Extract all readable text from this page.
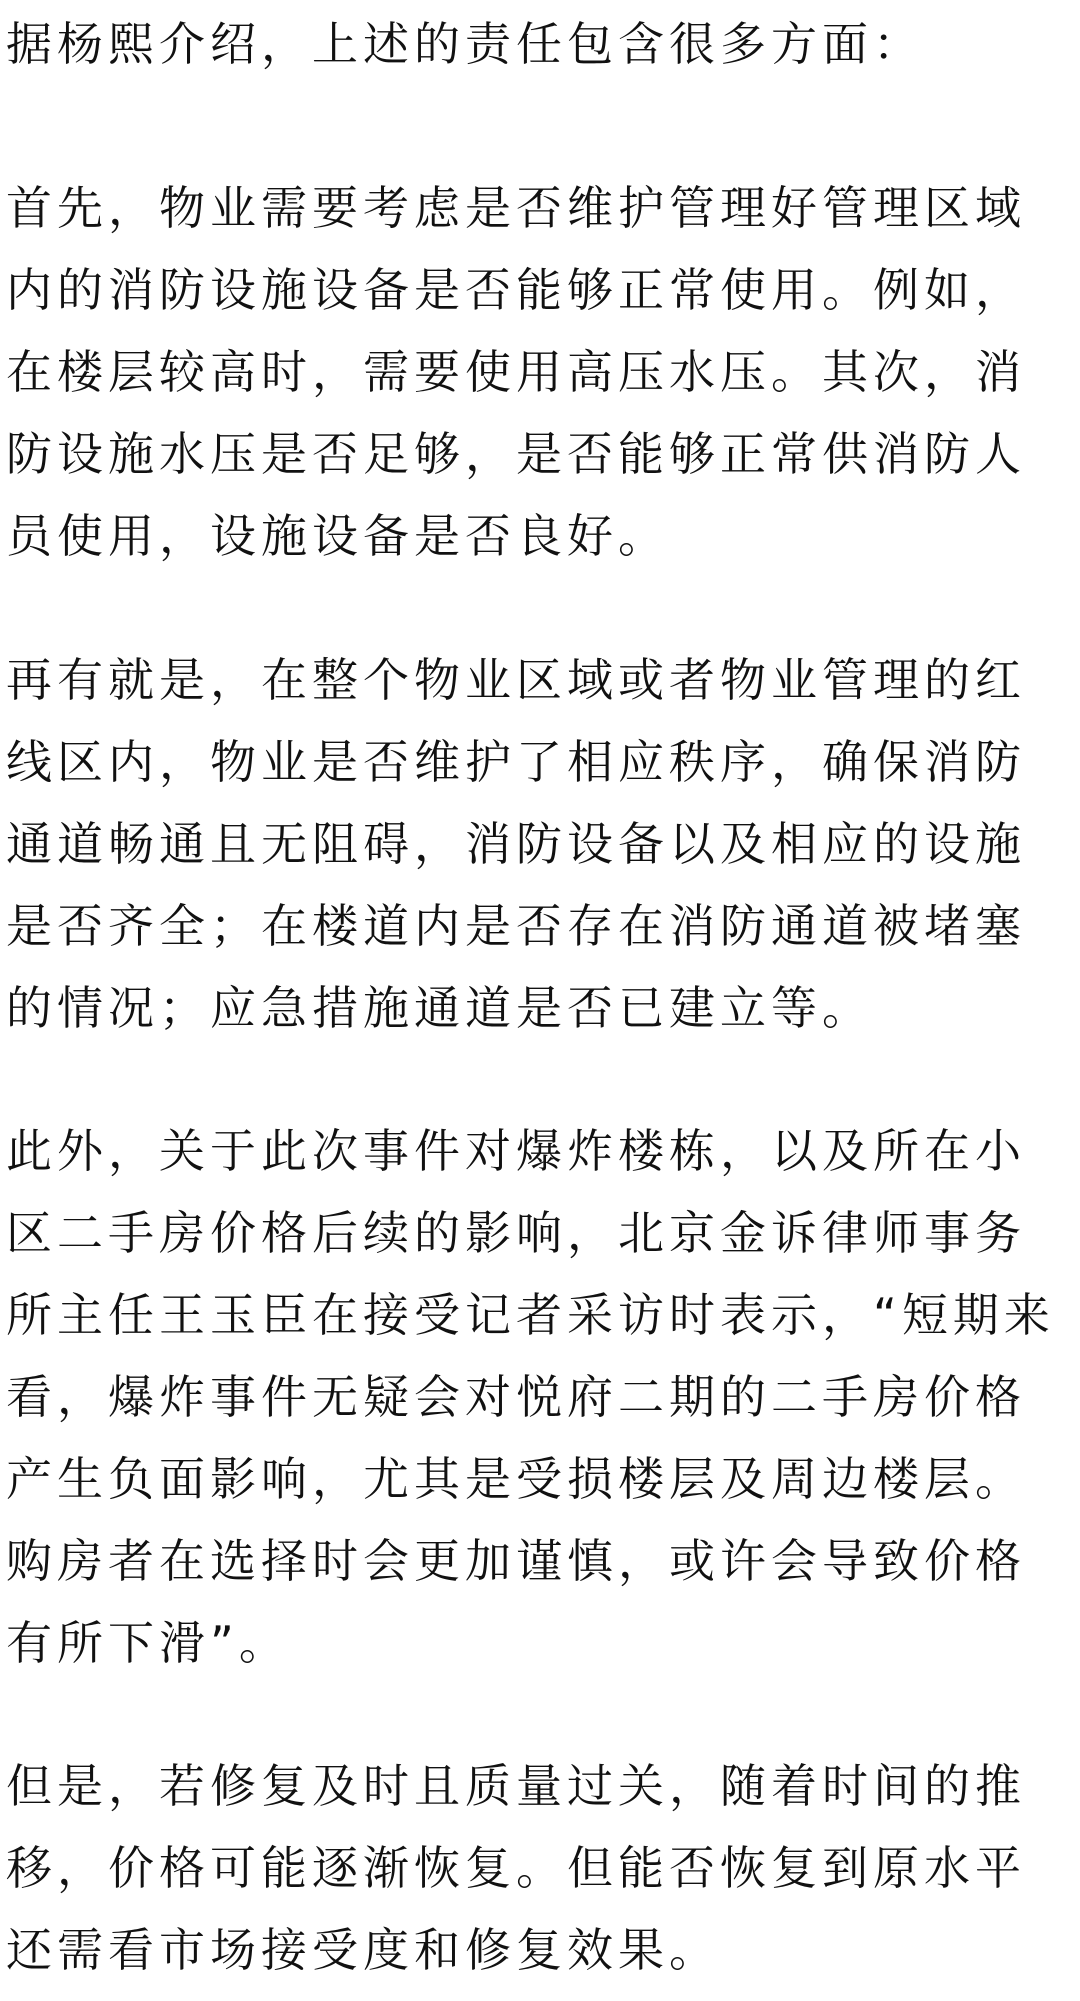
据杨熙介绍，上述的责任包含很多方面：
首先，物业需要考虑是否维护管理好管理区域
内的消防设施设备是否能够正常使用。例如，
在楼层较高时，需要使用高压水压。其次，消
防设施水压是否足够，是否能够正常供消防人
员使用，设施设备是否良好。
再有就是，在整个物业区域或者物业管理的红
线区内，物业是否维护了相应秩序，确保消防
通道畅通且无阻碍，消防设备以及相应的设施
是否齐全；在楼道内是否存在消防通道被堵塞
的情况；应急措施通道是否已建立等。
此外，关于此次事件对爆炸楼栋，以及所在小
区二手房价格后续的影响，北京金诉律师事务
所主任王玉臣在接受记者采访时表示，“短期来
看，爆炸事件无疑会对悦府二期的二手房价格
产生负面影响，尤其是受损楼层及周边楼层。
购房者在选择时会更加谨慎，或许会导致价格
有所下滑”。
但是，若修复及时且质量过关，随着时间的推
移，价格可能逐渐恢复。但能否恢复到原水平
还需看市场接受度和修复效果。
